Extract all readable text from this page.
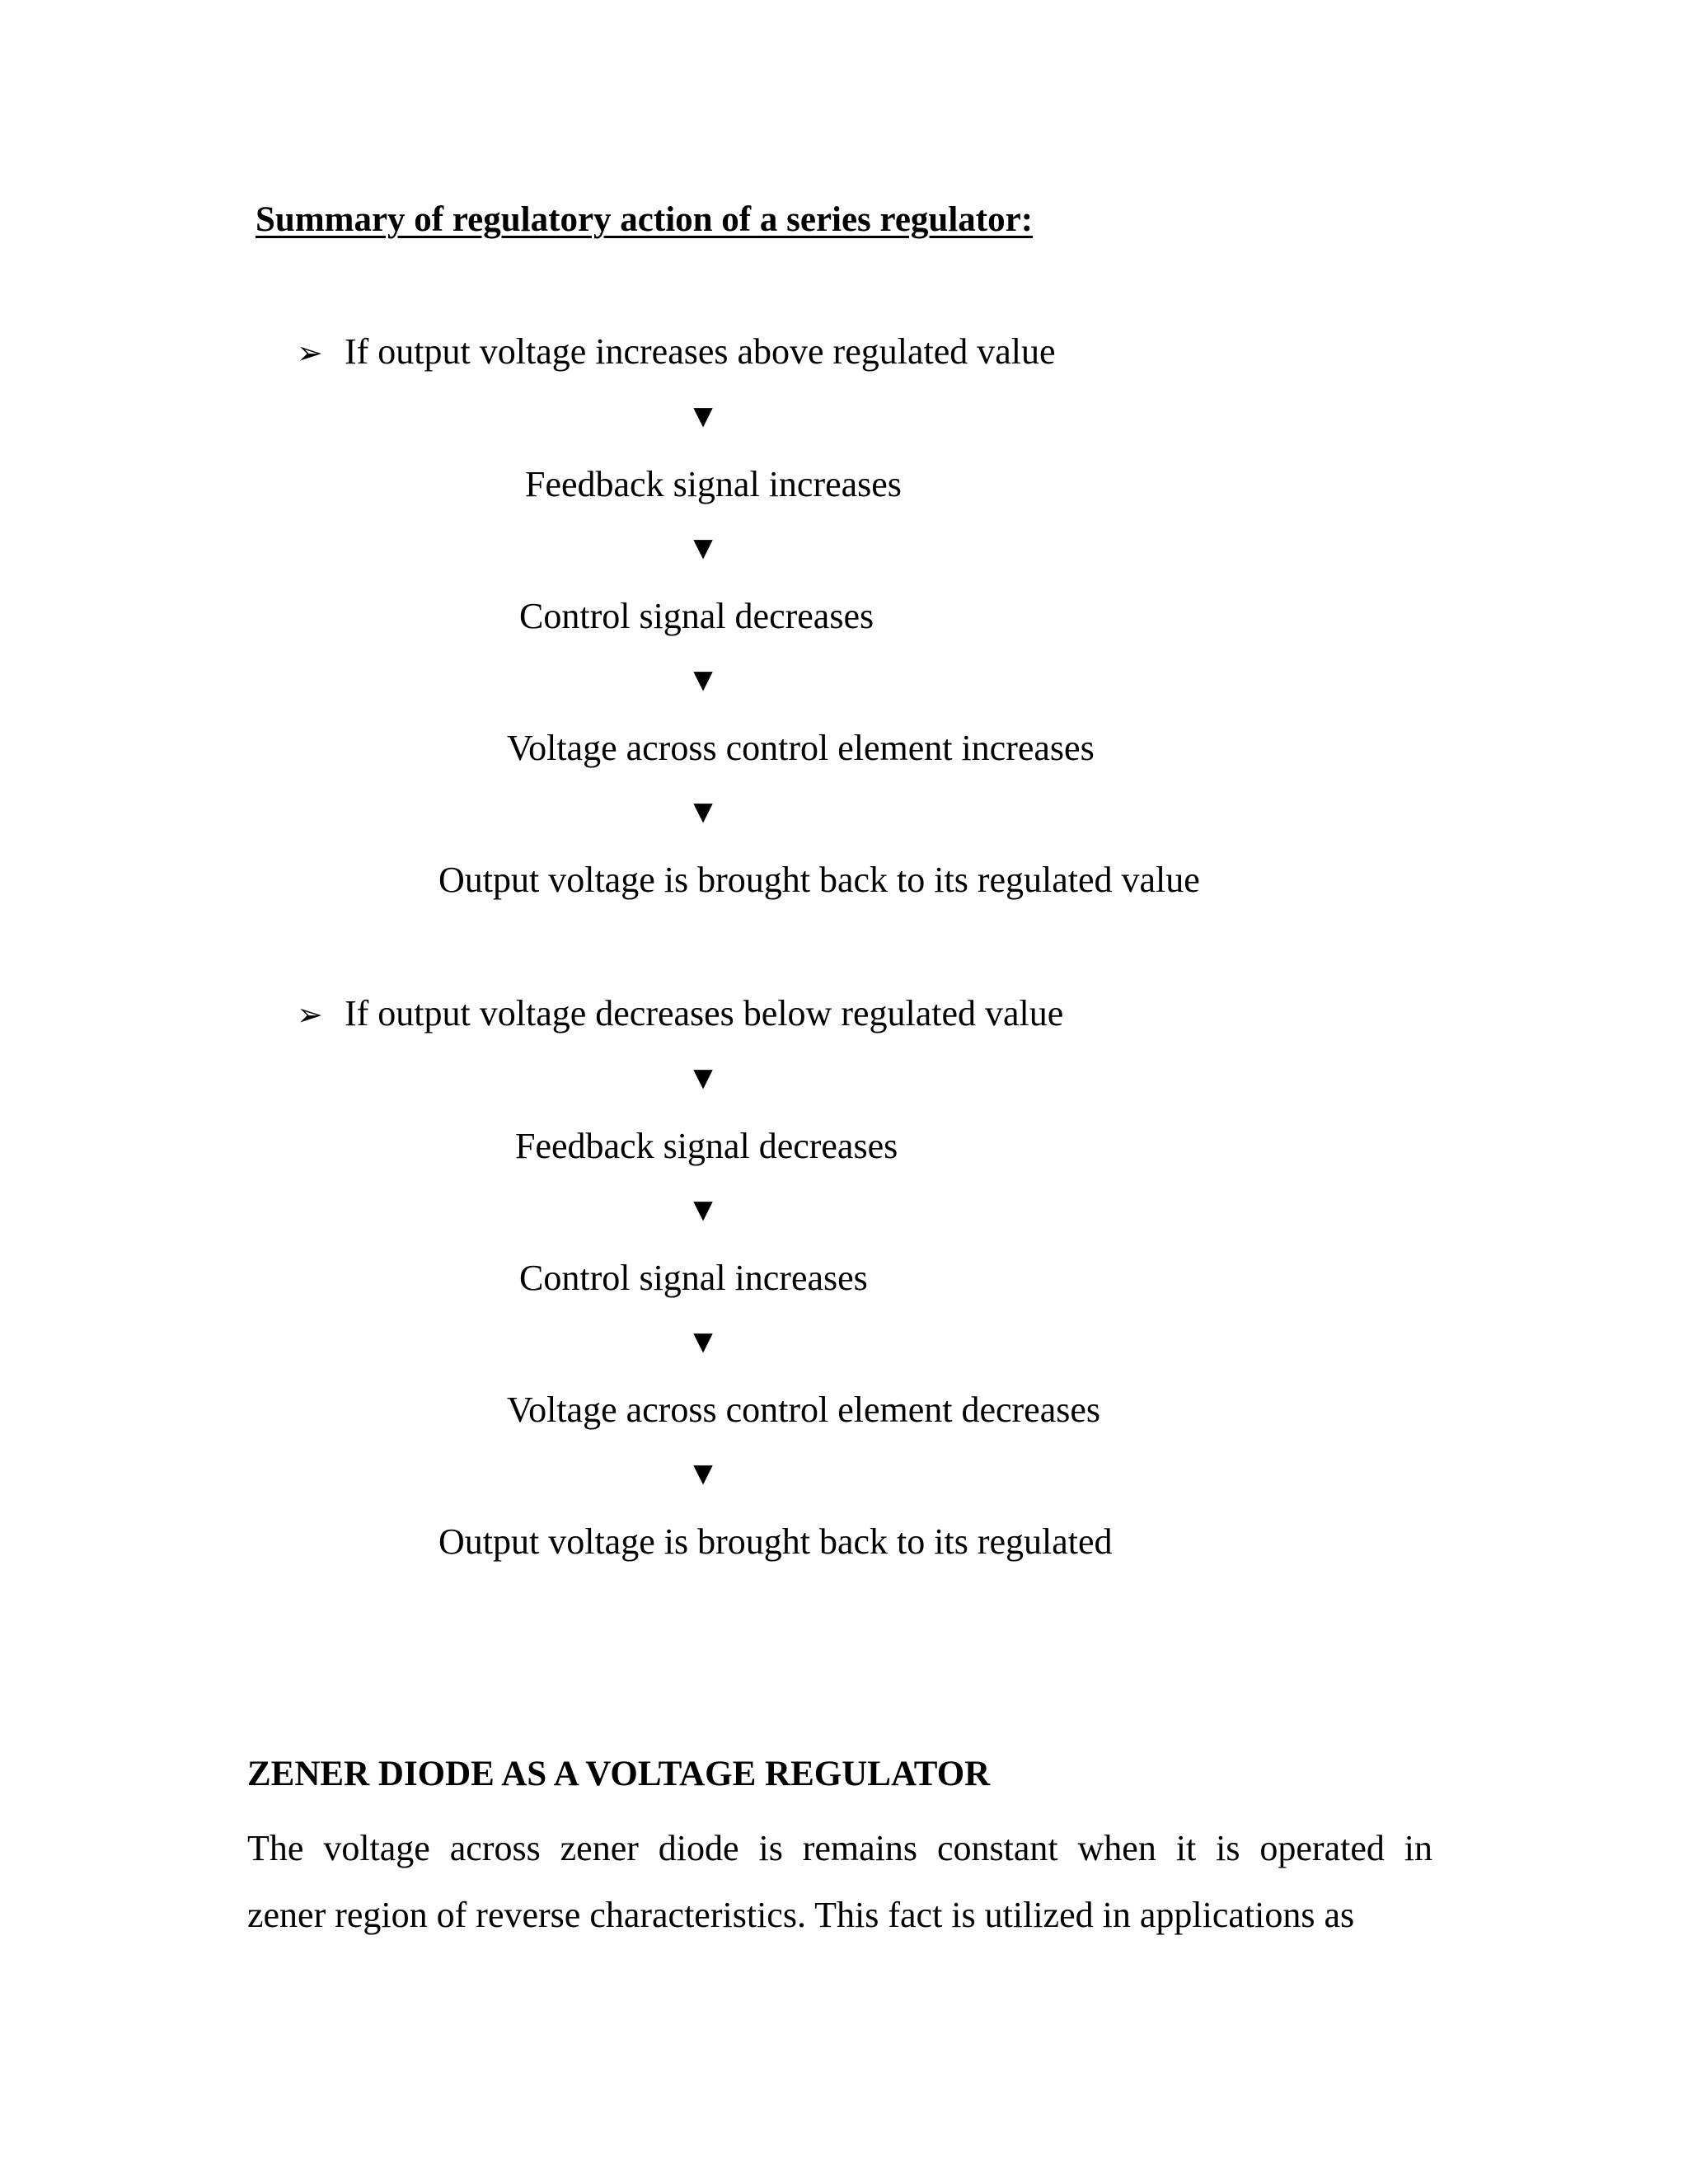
Summary of regulatory action of a series regulator:
➢ If output voltage increases above regulated value
▼
Feedback signal increases
▼
Control signal decreases
▼
Voltage across control element increases
▼
Output voltage is brought back to its regulated value
➢ If output voltage decreases below regulated value
▼
Feedback signal decreases
▼
Control signal increases
▼
Voltage across control element decreases
▼
Output voltage is brought back to its regulated
ZENER DIODE AS A VOLTAGE REGULATOR
The voltage across zener diode is remains constant when it is operated in
zener region of reverse characteristics. This fact is utilized in applications as
